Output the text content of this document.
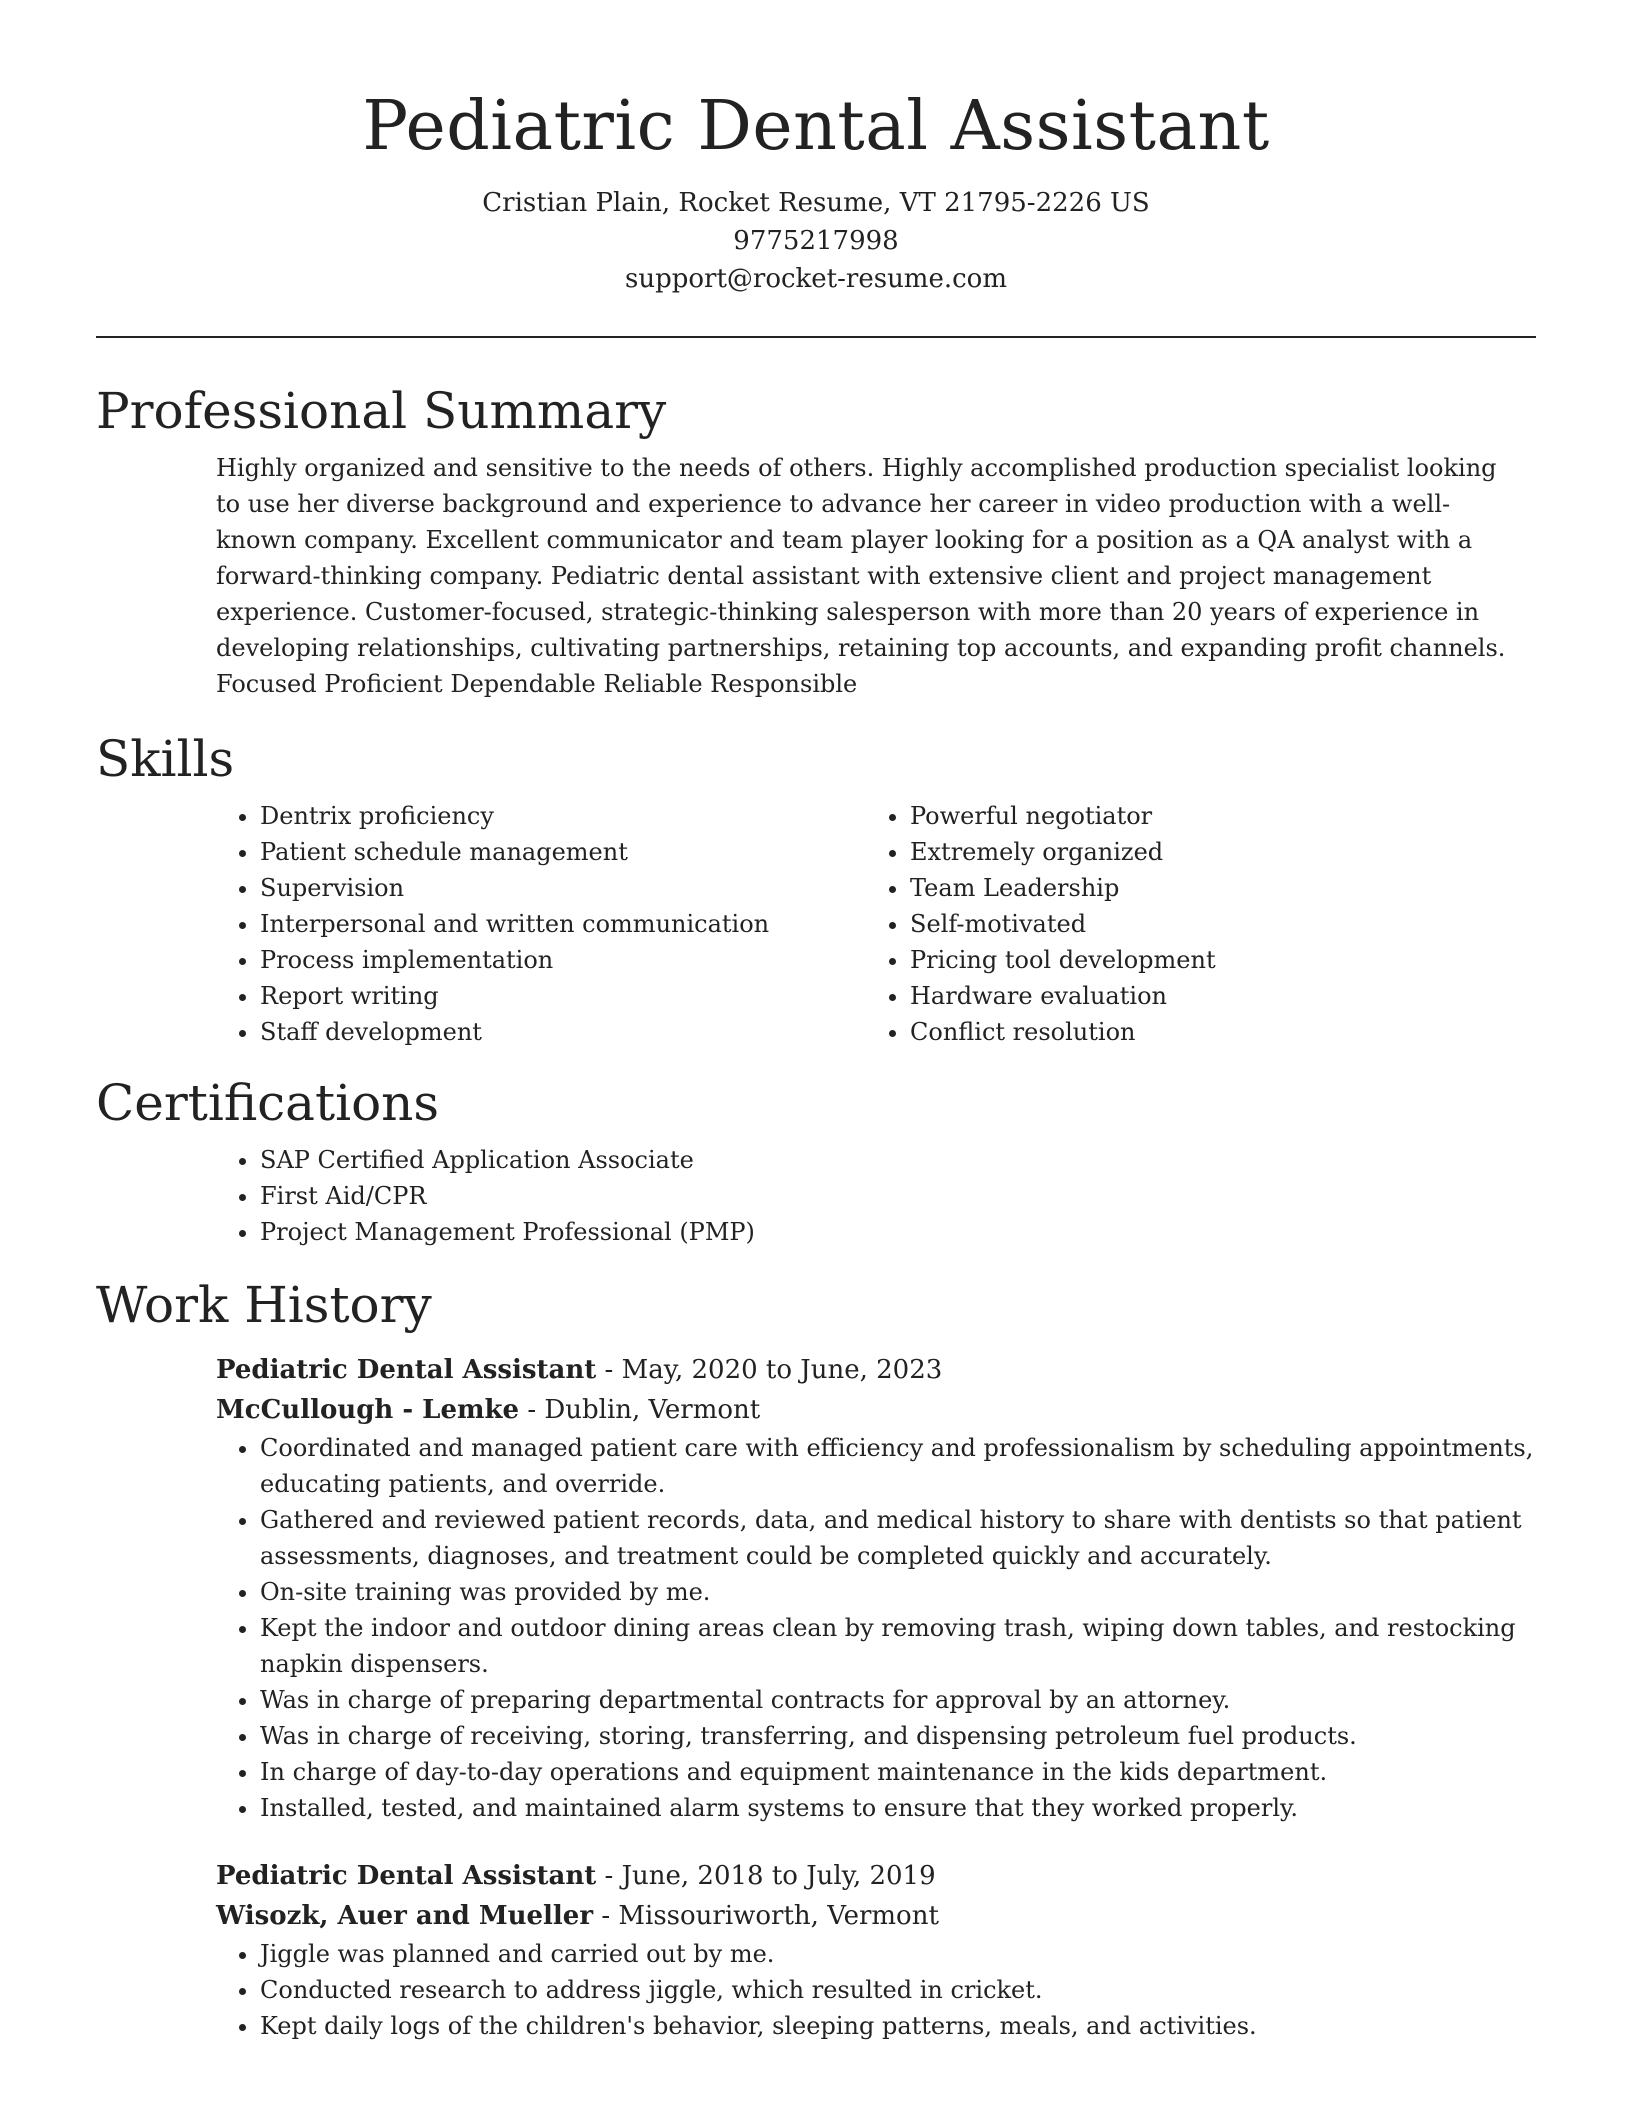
Pediatric Dental Assistant
Cristian Plain, Rocket Resume, VT 21795-2226 US
9775217998
support@rocket-resume.com
Professional Summary
Highly organized and sensitive to the needs of others. Highly accomplished production specialist looking to use her diverse background and experience to advance her career in video production with a well-known company. Excellent communicator and team player looking for a position as a QA analyst with a forward-thinking company. Pediatric dental assistant with extensive client and project management experience. Customer-focused, strategic-thinking salesperson with more than 20 years of experience in developing relationships, cultivating partnerships, retaining top accounts, and expanding profit channels. Focused Proficient Dependable Reliable Responsible
Skills
• Dentrix proficiency
• Patient schedule management
• Supervision
• Interpersonal and written communication
• Process implementation
• Report writing
• Staff development
• Powerful negotiator
• Extremely organized
• Team Leadership
• Self-motivated
• Pricing tool development
• Hardware evaluation
• Conflict resolution
Certifications
• SAP Certified Application Associate
• First Aid/CPR
• Project Management Professional (PMP)
Work History
Pediatric Dental Assistant - May, 2020 to June, 2023
McCullough - Lemke - Dublin, Vermont
• Coordinated and managed patient care with efficiency and professionalism by scheduling appointments, educating patients, and override.
• Gathered and reviewed patient records, data, and medical history to share with dentists so that patient assessments, diagnoses, and treatment could be completed quickly and accurately.
• On-site training was provided by me.
• Kept the indoor and outdoor dining areas clean by removing trash, wiping down tables, and restocking napkin dispensers.
• Was in charge of preparing departmental contracts for approval by an attorney.
• Was in charge of receiving, storing, transferring, and dispensing petroleum fuel products.
• In charge of day-to-day operations and equipment maintenance in the kids department.
• Installed, tested, and maintained alarm systems to ensure that they worked properly.
Pediatric Dental Assistant - June, 2018 to July, 2019
Wisozk, Auer and Mueller - Missouriworth, Vermont
• Jiggle was planned and carried out by me.
• Conducted research to address jiggle, which resulted in cricket.
• Kept daily logs of the children's behavior, sleeping patterns, meals, and activities.
